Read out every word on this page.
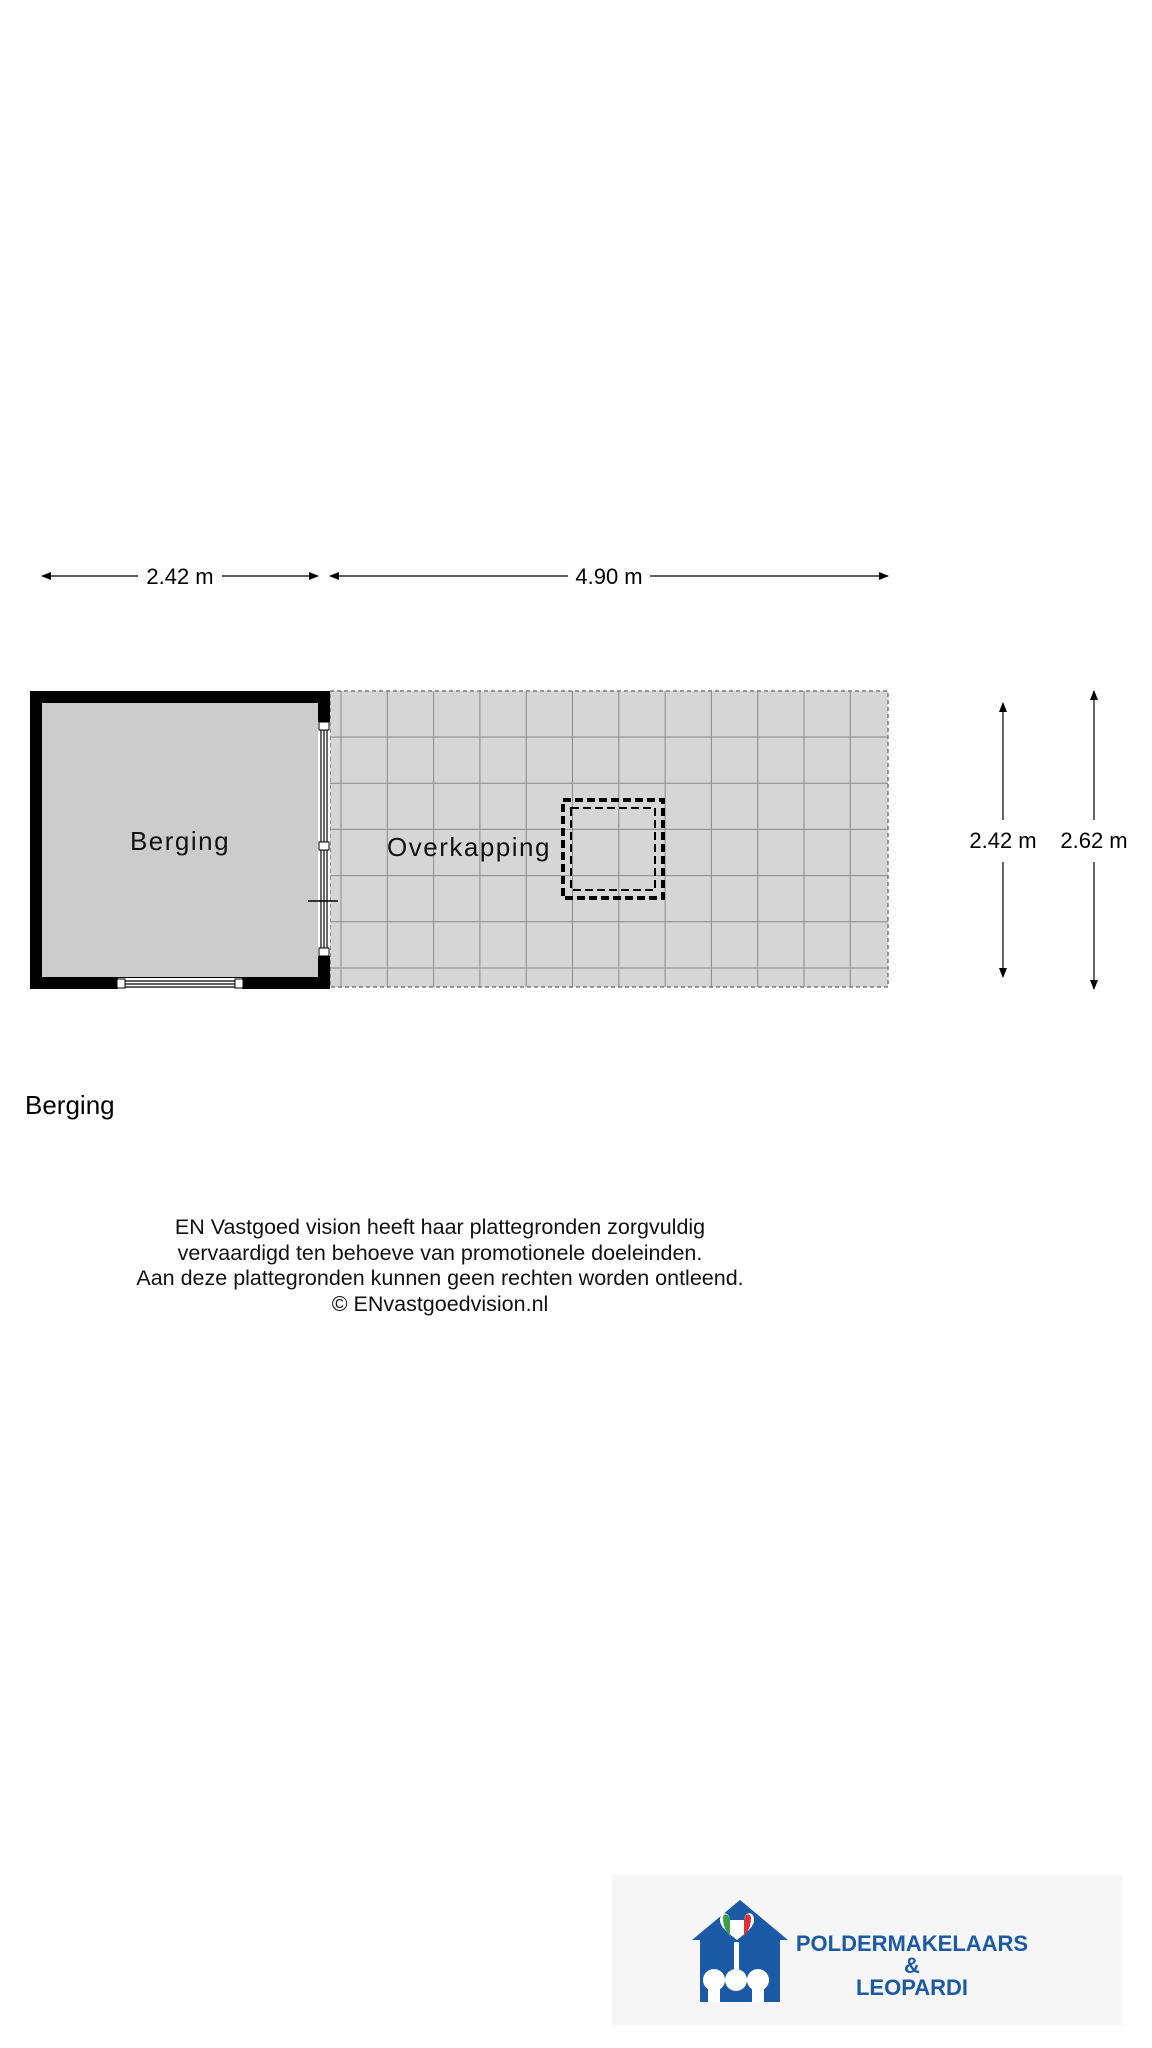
Berging	Overkapping
2.42 m	4.90 m
2.42 m 2.62 m
Berging
EN Vastgoed vision heeft haar plattegronden zorgvuldig
vervaardigd ten behoeve van promotionele doeleinden.
Aan deze plattegronden kunnen geen rechten worden ontleend.
© ENvastgoedvision.nl
POLDERMAKELAARS
&
LEOPARDI
